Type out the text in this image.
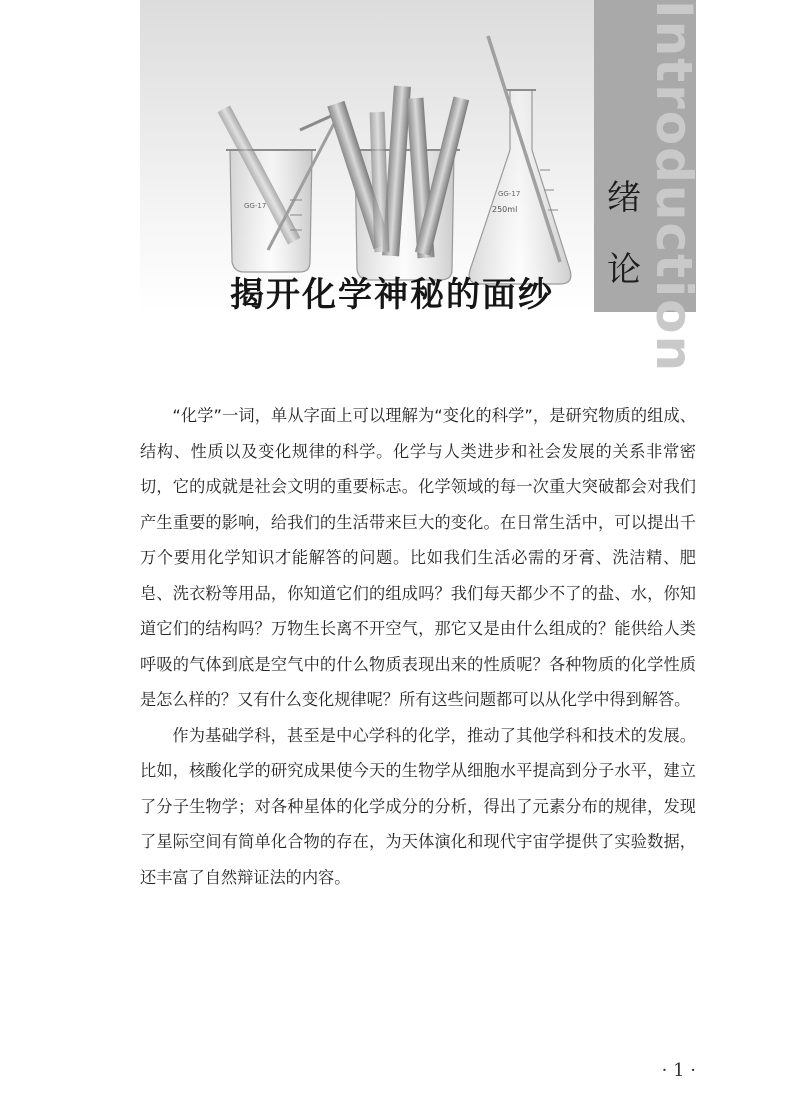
GG-17
GG-17
250ml	Introduction
绪
论
揭开化学神秘的面纱

“化学”一词，单从字面上可以理解为“变化的科学”，是研究物质的组成、结构、性质以及变化规律的科学。化学与人类进步和社会发展的关系非常密切，它的成就是社会文明的重要标志。化学领域的每一次重大突破都会对我们产生重要的影响，给我们的生活带来巨大的变化。在日常生活中，可以提出千万个要用化学知识才能解答的问题。比如我们生活必需的牙膏、洗洁精、肥皂、洗衣粉等用品，你知道它们的组成吗？我们每天都少不了的盐、水，你知道它们的结构吗？万物生长离不开空气，那它又是由什么组成的？能供给人类呼吸的气体到底是空气中的什么物质表现出来的性质呢？各种物质的化学性质是怎么样的？又有什么变化规律呢？所有这些问题都可以从化学中得到解答。

作为基础学科，甚至是中心学科的化学，推动了其他学科和技术的发展。比如，核酸化学的研究成果使今天的生物学从细胞水平提高到分子水平，建立了分子生物学；对各种星体的化学成分的分析，得出了元素分布的规律，发现了星际空间有简单化合物的存在，为天体演化和现代宇宙学提供了实验数据，还丰富了自然辩证法的内容。

· 1 ·
